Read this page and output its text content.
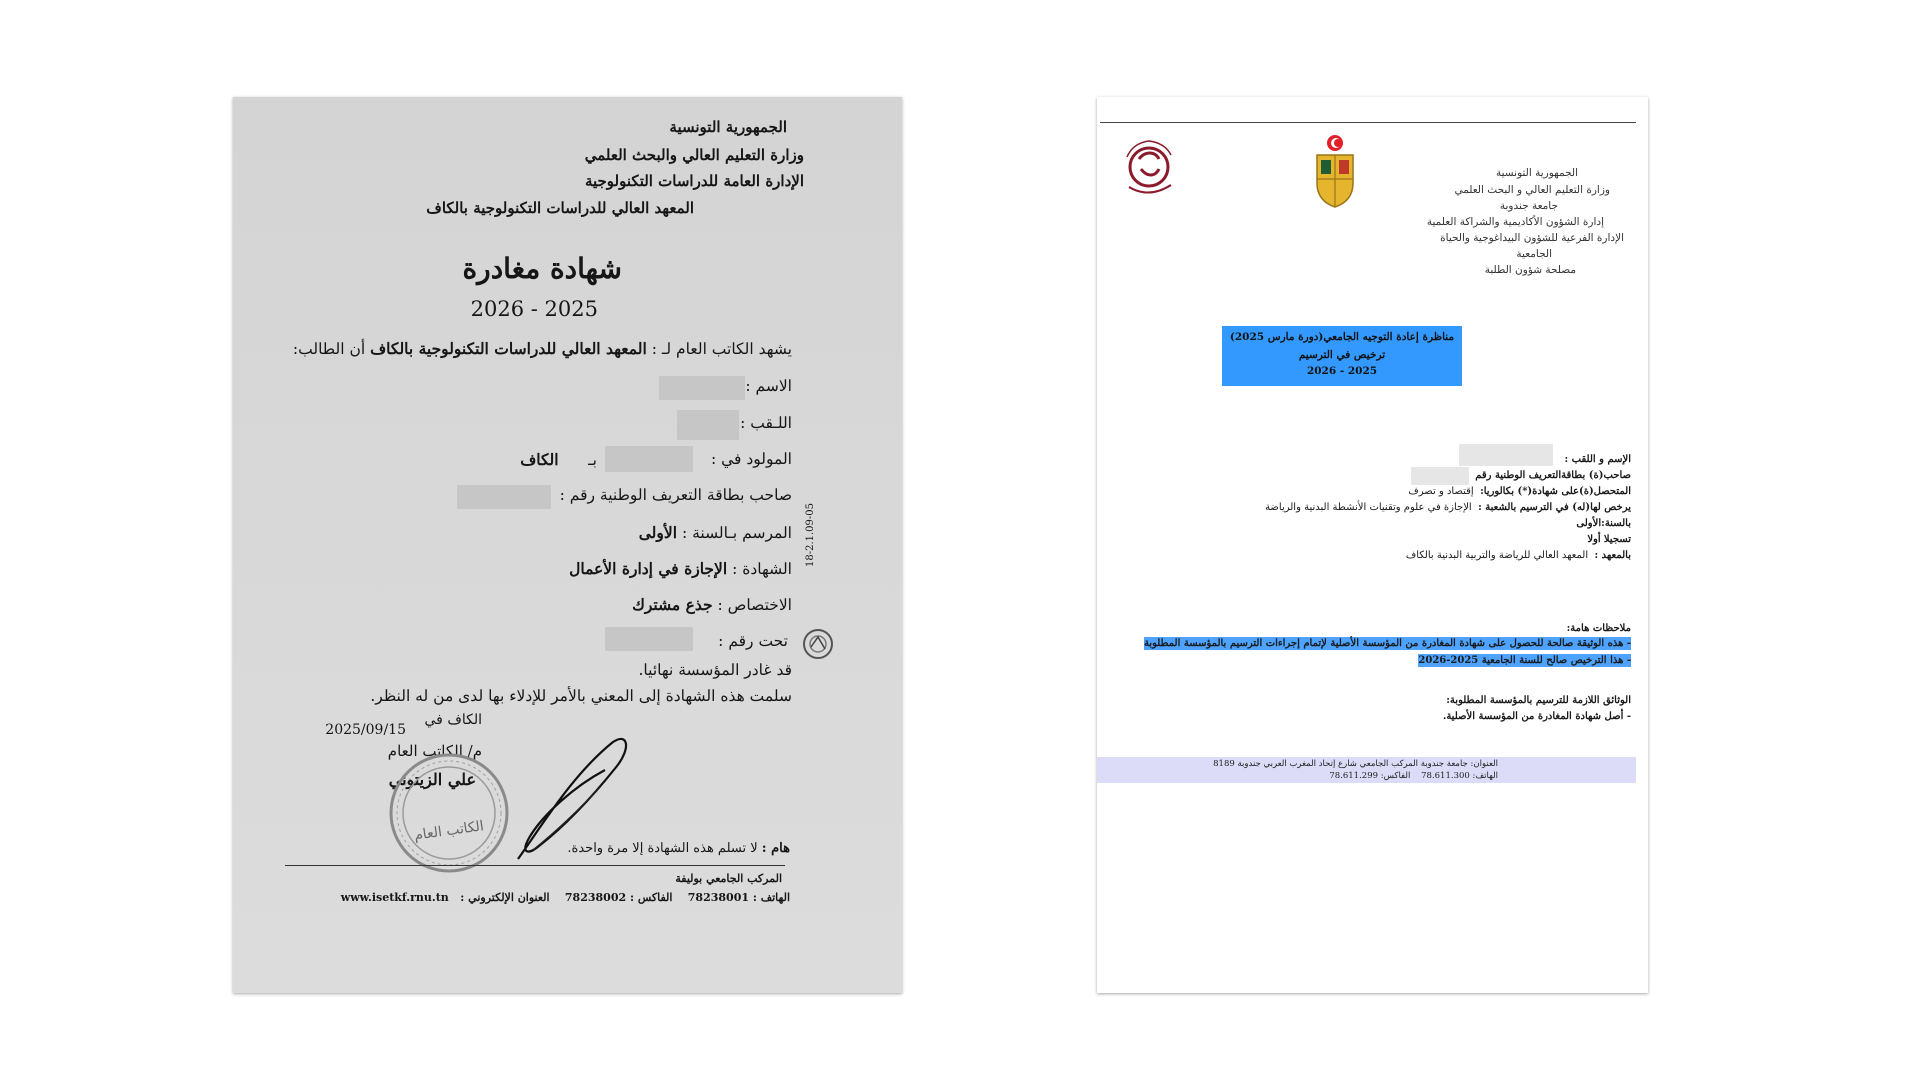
الجمهورية التونسية
وزارة التعليم العالي والبحث العلمي
الإدارة العامة للدراسات التكنولوجية
المعهد العالي للدراسات التكنولوجية بالكاف
شهادة مغادرة
2026 - 2025
يشهد الكاتب العام لـ : المعهد العالي للدراسات التكنولوجية بالكاف أن الطالب:
الاسم :
اللـقب :
المولود في :
بـ      الكاف
صاحب بطاقة التعريف الوطنية رقم :
المرسم بـالسنة : الأولى
الشهادة : الإجازة في إدارة الأعمال
الاختصاص : جذع مشترك
18-2.1.09-05
تحت رقم :
قد غادر المؤسسة نهائيا.
سلمت هذه الشهادة إلى المعني بالأمر للإدلاء بها لدى من له النظر.
الكاف في
2025/09/15
م/ الكاتب العام
علي الزيتوني
الكاتب العام
هام : لا تسلم هذه الشهادة إلا مرة واحدة.
المركب الجامعي بوليفة
الهاتف : 78238001    الفاكس : 78238002    العنوان الإلكتروني :   www.isetkf.rnu.tn
الجمهورية التونسية
وزارة التعليم العالي و البحث العلمي
جامعة جندوبة
إدارة الشؤون الأكاديمية والشراكة العلمية
الإدارة الفرعية للشؤون البيداغوجية والحياة
الجامعية
مصلحة شؤون الطلبة
مناظرة إعادة التوجيه الجامعي(دورة مارس 2025)
ترخيص في الترسيم
2026 - 2025
الإسم و اللقب :
صاحب(ة) بطاقةالتعريف الوطنية رقم
المتحصل(ة)على شهادة(*) بكالوريا:  إقتصاد و تصرف
يرخص لها(له) في الترسيم بالشعبة :  الإجازة في علوم وتقنيات الأنشطة البدنية والرياضة
بالسنة:الأولى
تسجيلا أولا
بالمعهد :  المعهد العالي للرياضة والتربية البدنية بالكاف
ملاحظات هامة:
- هذه الوثيقة صالحة للحصول على شهادة المغادرة من المؤسسة الأصلية لإتمام إجراءات الترسيم بالمؤسسة المطلوبة
- هذا الترخيص صالح للسنة الجامعية 2025-2026
الوثائق اللازمة للترسيم بالمؤسسة المطلوبة:
- أصل شهادة المغادرة من المؤسسة الأصلية.
العنوان: جامعة جندوبة المركب الجامعي شارع إتحاد المغرب العربي جندوبة 8189
الهاتف: 78.611.300    الفاكس: 78.611.299
